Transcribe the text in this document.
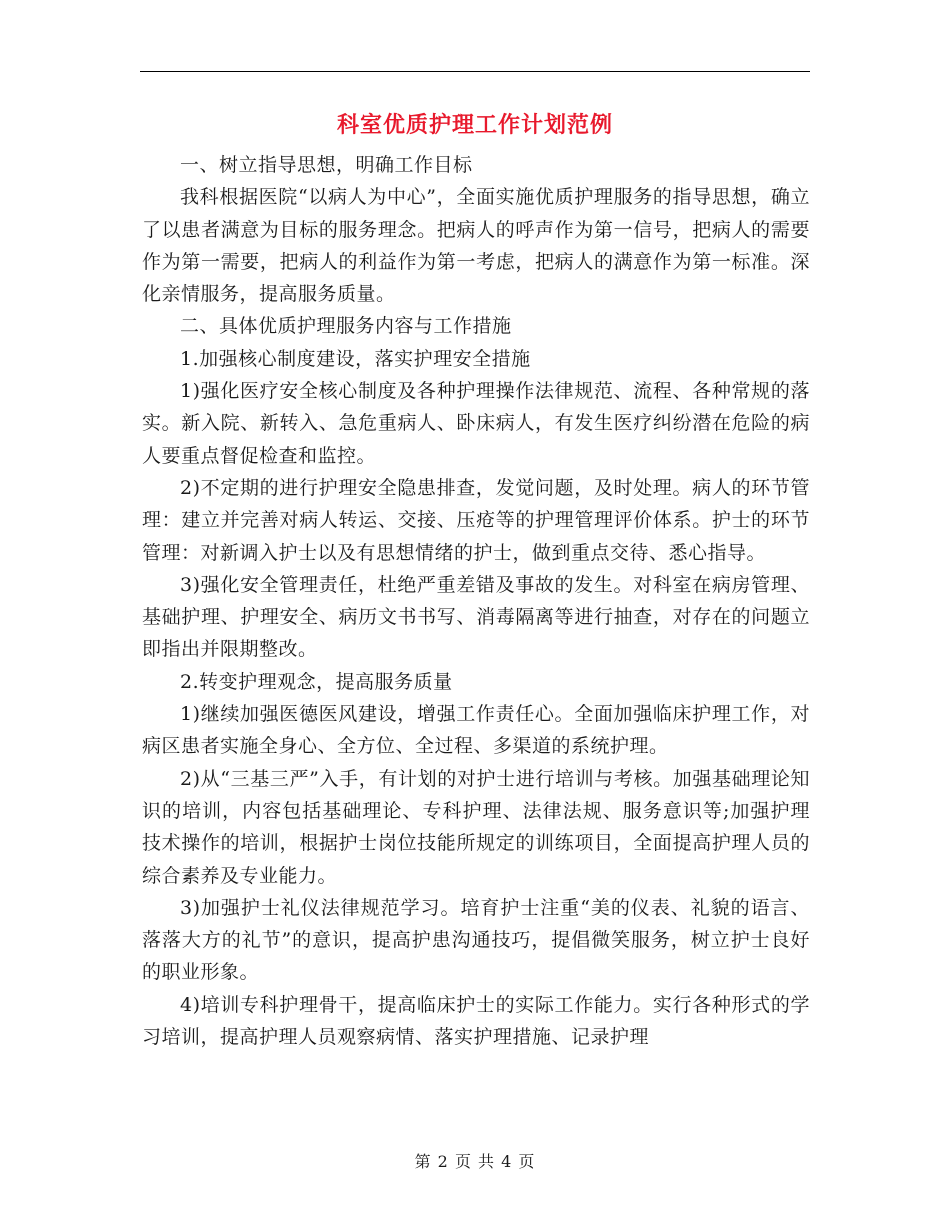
科室优质护理工作计划范例

一、树立指导思想，明确工作目标

我科根据医院“以病人为中心”，全面实施优质护理服务的指导思想，确立了以患者满意为目标的服务理念。把病人的呼声作为第一信号，把病人的需要作为第一需要，把病人的利益作为第一考虑，把病人的满意作为第一标准。深化亲情服务，提高服务质量。

二、具体优质护理服务内容与工作措施

1.加强核心制度建设，落实护理安全措施

1)强化医疗安全核心制度及各种护理操作法律规范、流程、各种常规的落实。新入院、新转入、急危重病人、卧床病人，有发生医疗纠纷潜在危险的病人要重点督促检查和监控。

2)不定期的进行护理安全隐患排查，发觉问题，及时处理。病人的环节管理：建立并完善对病人转运、交接、压疮等的护理管理评价体系。护士的环节管理：对新调入护士以及有思想情绪的护士，做到重点交待、悉心指导。

3)强化安全管理责任，杜绝严重差错及事故的发生。对科室在病房管理、基础护理、护理安全、病历文书书写、消毒隔离等进行抽查，对存在的问题立即指出并限期整改。

2.转变护理观念，提高服务质量

1)继续加强医德医风建设，增强工作责任心。全面加强临床护理工作，对病区患者实施全身心、全方位、全过程、多渠道的系统护理。

2)从“三基三严”入手，有计划的对护士进行培训与考核。加强基础理论知识的培训，内容包括基础理论、专科护理、法律法规、服务意识等;加强护理技术操作的培训，根据护士岗位技能所规定的训练项目，全面提高护理人员的综合素养及专业能力。

3)加强护士礼仪法律规范学习。培育护士注重“美的仪表、礼貌的语言、落落大方的礼节”的意识，提高护患沟通技巧，提倡微笑服务，树立护士良好的职业形象。

4)培训专科护理骨干，提高临床护士的实际工作能力。实行各种形式的学习培训，提高护理人员观察病情、落实护理措施、记录护理

第 2 页 共 4 页
